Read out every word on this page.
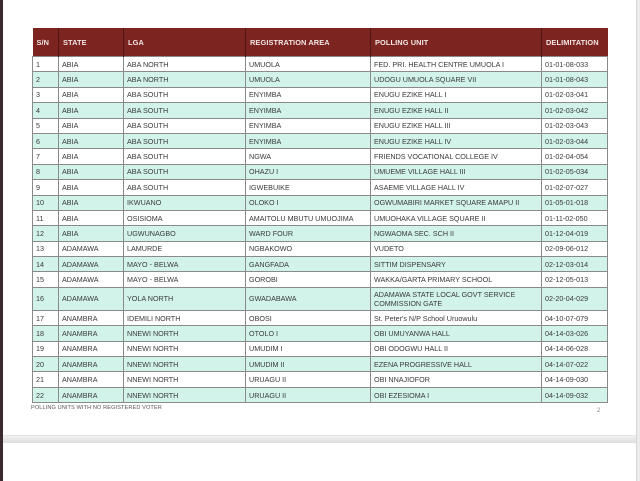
S/N	STATE	LGA	REGISTRATION AREA	POLLING UNIT	DELIMITATION
1	ABIA	ABA NORTH	UMUOLA	FED. PRI. HEALTH CENTRE UMUOLA I	01-01-08-033
2	ABIA	ABA NORTH	UMUOLA	UDOGU UMUOLA SQUARE VII	01-01-08-043
3	ABIA	ABA SOUTH	ENYIMBA	ENUGU EZIKE HALL I	01-02-03-041
4	ABIA	ABA SOUTH	ENYIMBA	ENUGU EZIKE HALL II	01-02-03-042
5	ABIA	ABA SOUTH	ENYIMBA	ENUGU EZIKE HALL III	01-02-03-043
6	ABIA	ABA SOUTH	ENYIMBA	ENUGU EZIKE HALL IV	01-02-03-044
7	ABIA	ABA SOUTH	NGWA	FRIENDS VOCATIONAL COLLEGE IV	01-02-04-054
8	ABIA	ABA SOUTH	OHAZU I	UMUEME VILLAGE HALL III	01-02-05-034
9	ABIA	ABA SOUTH	IGWEBUIKE	ASAEME VILLAGE HALL IV	01-02-07-027
10	ABIA	IKWUANO	OLOKO I	OGWUMABIRI MARKET SQUARE AMAPU II	01-05-01-018
11	ABIA	OSISIOMA	AMAITOLU MBUTU UMUOJIMA	UMUOHAKA VILLAGE SQUARE II	01-11-02-050
12	ABIA	UGWUNAGBO	WARD FOUR	NGWAOMA SEC. SCH II	01-12-04-019
13	ADAMAWA	LAMURDE	NGBAKOWO	VUDETO	02-09-06-012
14	ADAMAWA	MAYO - BELWA	GANGFADA	SITTIM DISPENSARY	02-12-03-014
15	ADAMAWA	MAYO - BELWA	GOROBI	WAKKA/GARTA PRIMARY SCHOOL	02-12-05-013
16	ADAMAWA	YOLA NORTH	GWADABAWA	ADAMAWA STATE LOCAL GOVT SERVICE COMMISSION GATE	02-20-04-029
17	ANAMBRA	IDEMILI NORTH	OBOSI	St. Peter's N/P School Uruowulu	04-10-07-079
18	ANAMBRA	NNEWI NORTH	OTOLO I	OBI UMUYANWA HALL	04-14-03-026
19	ANAMBRA	NNEWI NORTH	UMUDIM I	OBI ODOGWU HALL II	04-14-06-028
20	ANAMBRA	NNEWI NORTH	UMUDIM II	EZENA PROGRESSIVE HALL	04-14-07-022
21	ANAMBRA	NNEWI NORTH	URUAGU II	OBI NNAJIOFOR	04-14-09-030
22	ANAMBRA	NNEWI NORTH	URUAGU II	OBI EZESIOMA I	04-14-09-032
POLLING UNITS WITH NO REGISTERED VOTER	2
